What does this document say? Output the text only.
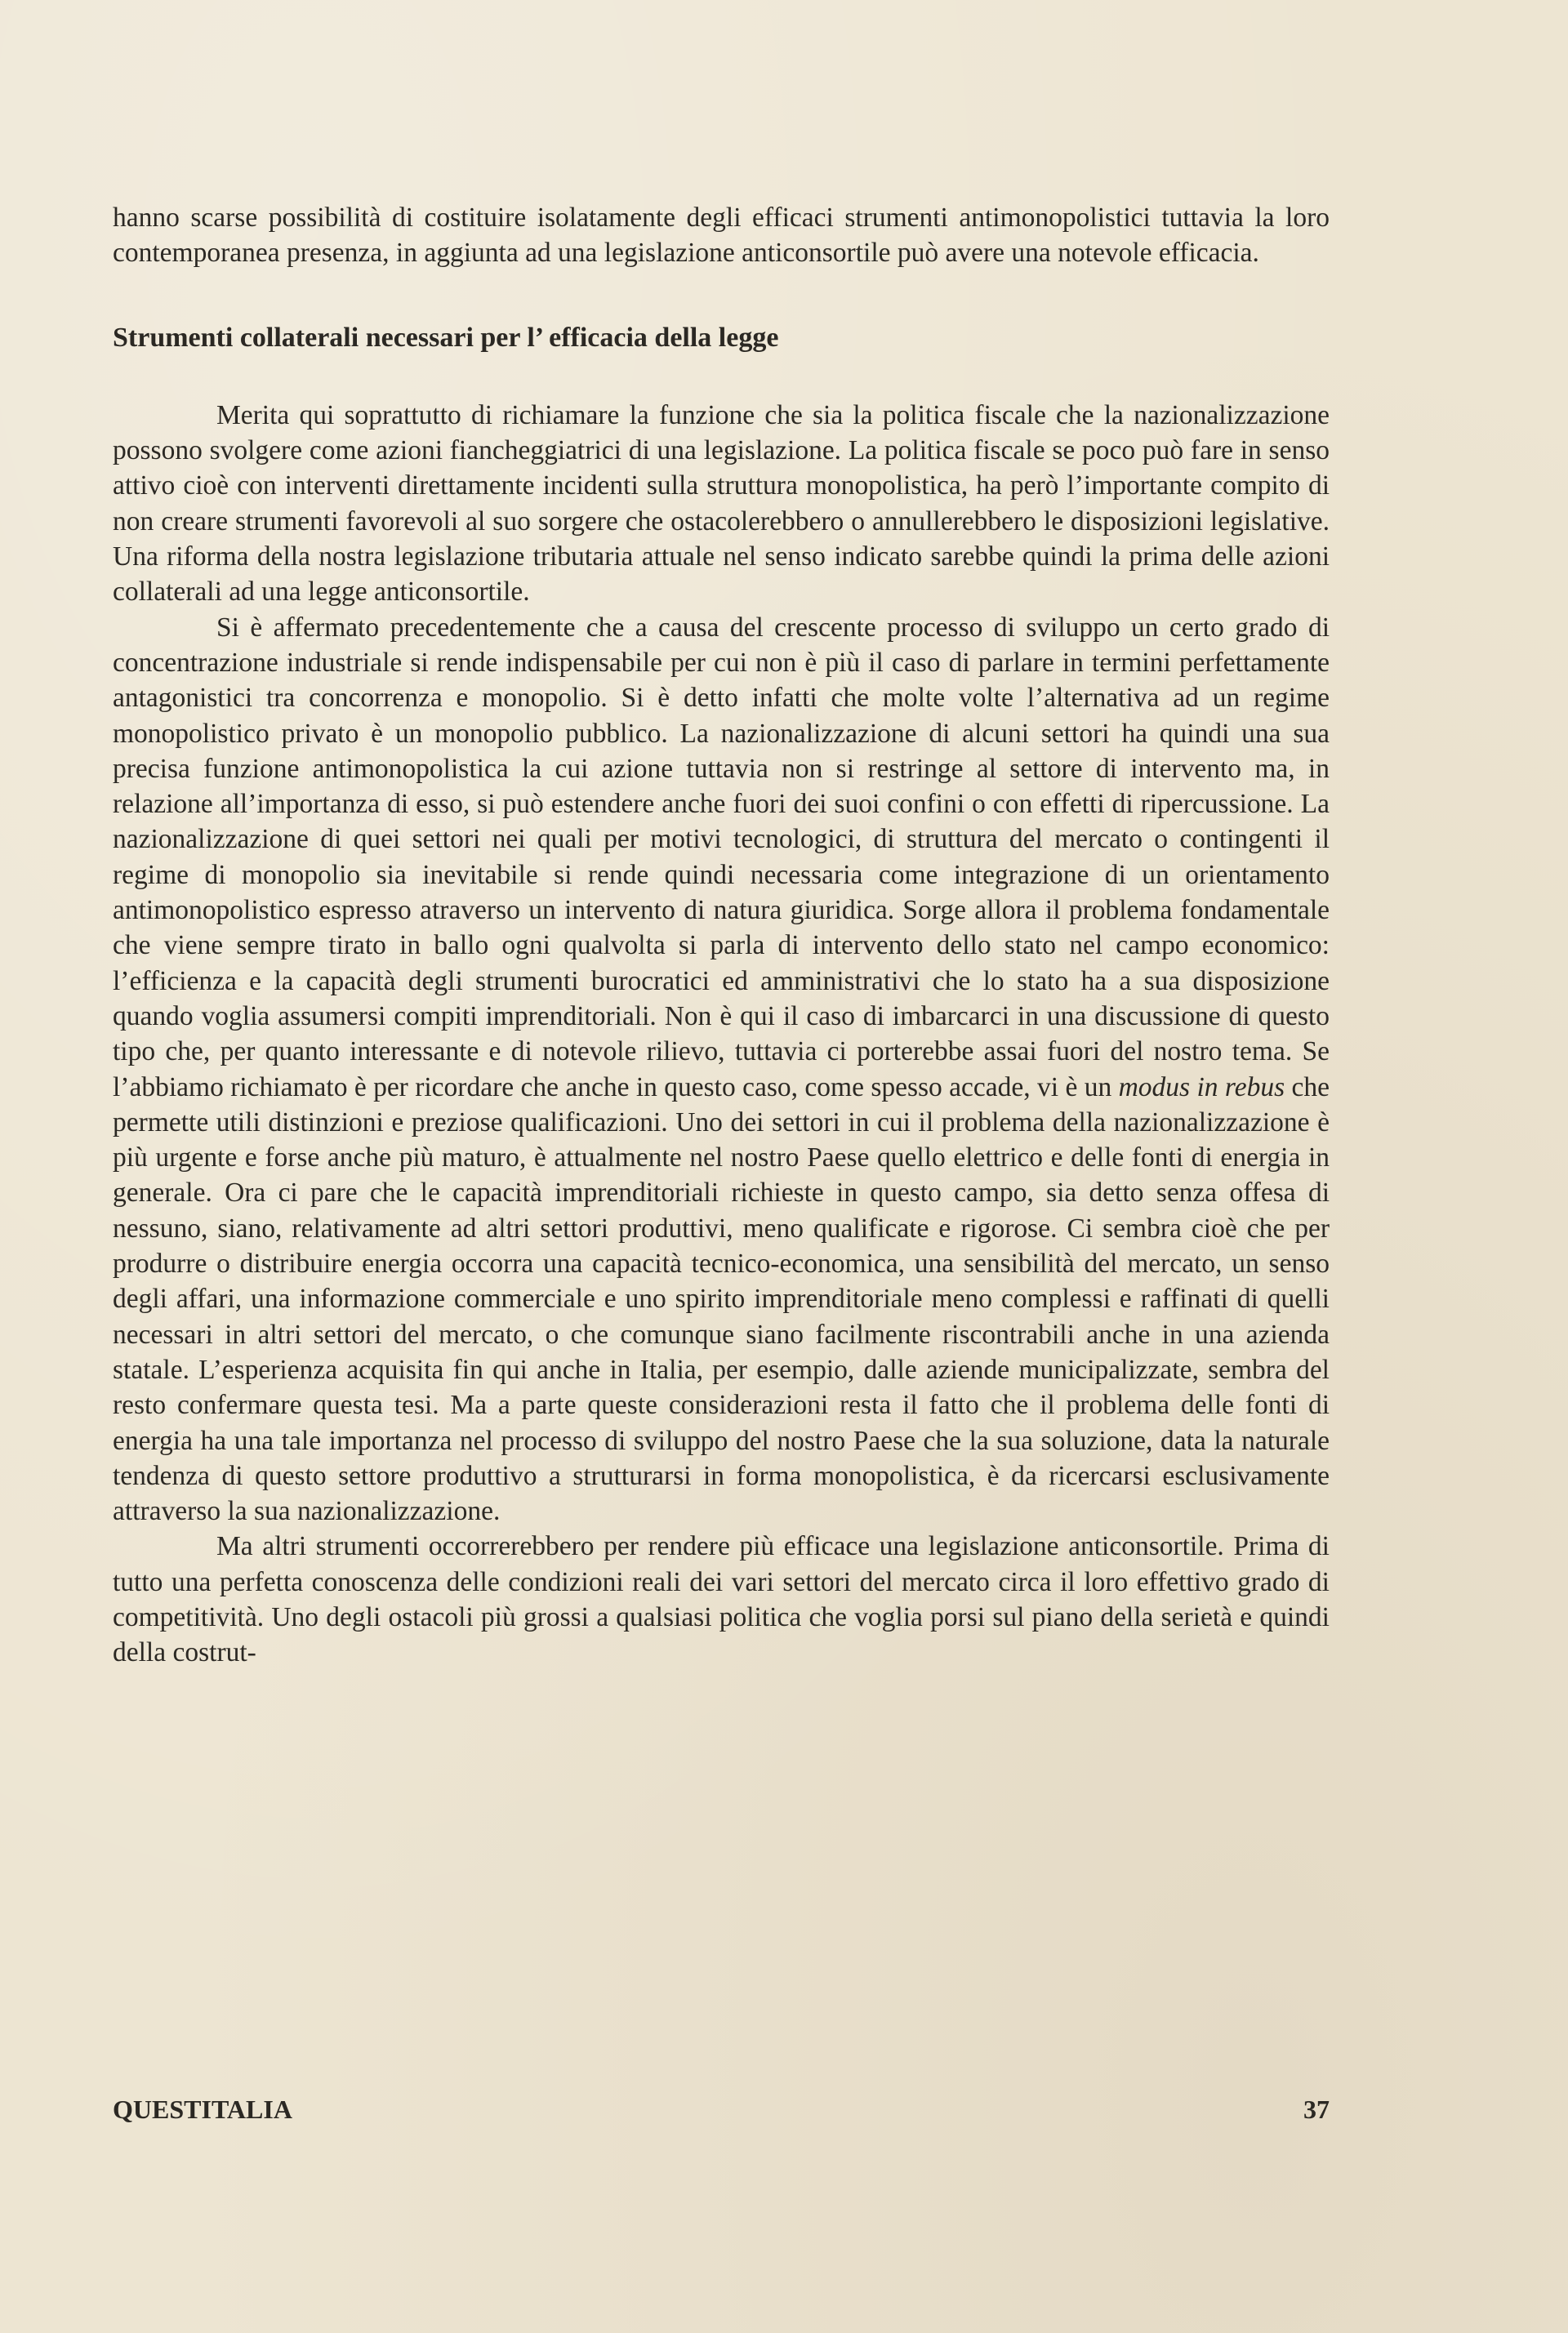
hanno scarse possibilità di costituire isolatamente degli efficaci strumenti antimonopolistici tuttavia la loro contemporanea presenza, in aggiunta ad una legislazione anticonsortile può avere una notevole efficacia.

Strumenti collaterali necessari per l’ efficacia della legge

Merita qui soprattutto di richiamare la funzione che sia la politica fiscale che la nazionalizzazione possono svolgere come azioni fiancheggiatrici di una legislazione. La politica fiscale se poco può fare in senso attivo cioè con interventi direttamente incidenti sulla struttura monopolistica, ha però l’importante compito di non creare strumenti favorevoli al suo sorgere che ostacolerebbero o annullerebbero le disposizioni legislative. Una riforma della nostra legislazione tributaria attuale nel senso indicato sarebbe quindi la prima delle azioni collaterali ad una legge anticonsortile.

Si è affermato precedentemente che a causa del crescente processo di sviluppo un certo grado di concentrazione industriale si rende indispensabile per cui non è più il caso di parlare in termini perfettamente antagonistici tra concorrenza e monopolio. Si è detto infatti che molte volte l’alternativa ad un regime monopolistico privato è un monopolio pubblico. La nazionalizzazione di alcuni settori ha quindi una sua precisa funzione antimonopolistica la cui azione tuttavia non si restringe al settore di intervento ma, in relazione all’importanza di esso, si può estendere anche fuori dei suoi confini o con effetti di ripercussione. La nazionalizzazione di quei settori nei quali per motivi tecnologici, di struttura del mercato o contingenti il regime di monopolio sia inevitabile si rende quindi necessaria come integrazione di un orientamento antimonopolistico espresso atraverso un intervento di natura giuridica. Sorge allora il problema fondamentale che viene sempre tirato in ballo ogni qualvolta si parla di intervento dello stato nel campo economico: l’efficienza e la capacità degli strumenti burocratici ed amministrativi che lo stato ha a sua disposizione quando voglia assumersi compiti imprenditoriali. Non è qui il caso di imbarcarci in una discussione di questo tipo che, per quanto interessante e di notevole rilievo, tuttavia ci porterebbe assai fuori del nostro tema. Se l’abbiamo richiamato è per ricordare che anche in questo caso, come spesso accade, vi è un modus in rebus che permette utili distinzioni e preziose qualificazioni. Uno dei settori in cui il problema della nazionalizzazione è più urgente e forse anche più maturo, è attualmente nel nostro Paese quello elettrico e delle fonti di energia in generale. Ora ci pare che le capacità imprenditoriali richieste in questo campo, sia detto senza offesa di nessuno, siano, relativamente ad altri settori produttivi, meno qualificate e rigorose. Ci sembra cioè che per produrre o distribuire energia occorra una capacità tecnico-economica, una sensibilità del mercato, un senso degli affari, una informazione commerciale e uno spirito imprenditoriale meno complessi e raffinati di quelli necessari in altri settori del mercato, o che comunque siano facilmente riscontrabili anche in una azienda statale. L’esperienza acquisita fin qui anche in Italia, per esempio, dalle aziende municipalizzate, sembra del resto confermare questa tesi. Ma a parte queste considerazioni resta il fatto che il problema delle fonti di energia ha una tale importanza nel processo di sviluppo del nostro Paese che la sua soluzione, data la naturale tendenza di questo settore produttivo a strutturarsi in forma monopolistica, è da ricercarsi esclusivamente attraverso la sua nazionalizzazione.

Ma altri strumenti occorrerebbero per rendere più efficace una legislazione anticonsortile. Prima di tutto una perfetta conoscenza delle condizioni reali dei vari settori del mercato circa il loro effettivo grado di competitività. Uno degli ostacoli più grossi a qualsiasi politica che voglia porsi sul piano della serietà e quindi della costrut-

QUESTITALIA	37
